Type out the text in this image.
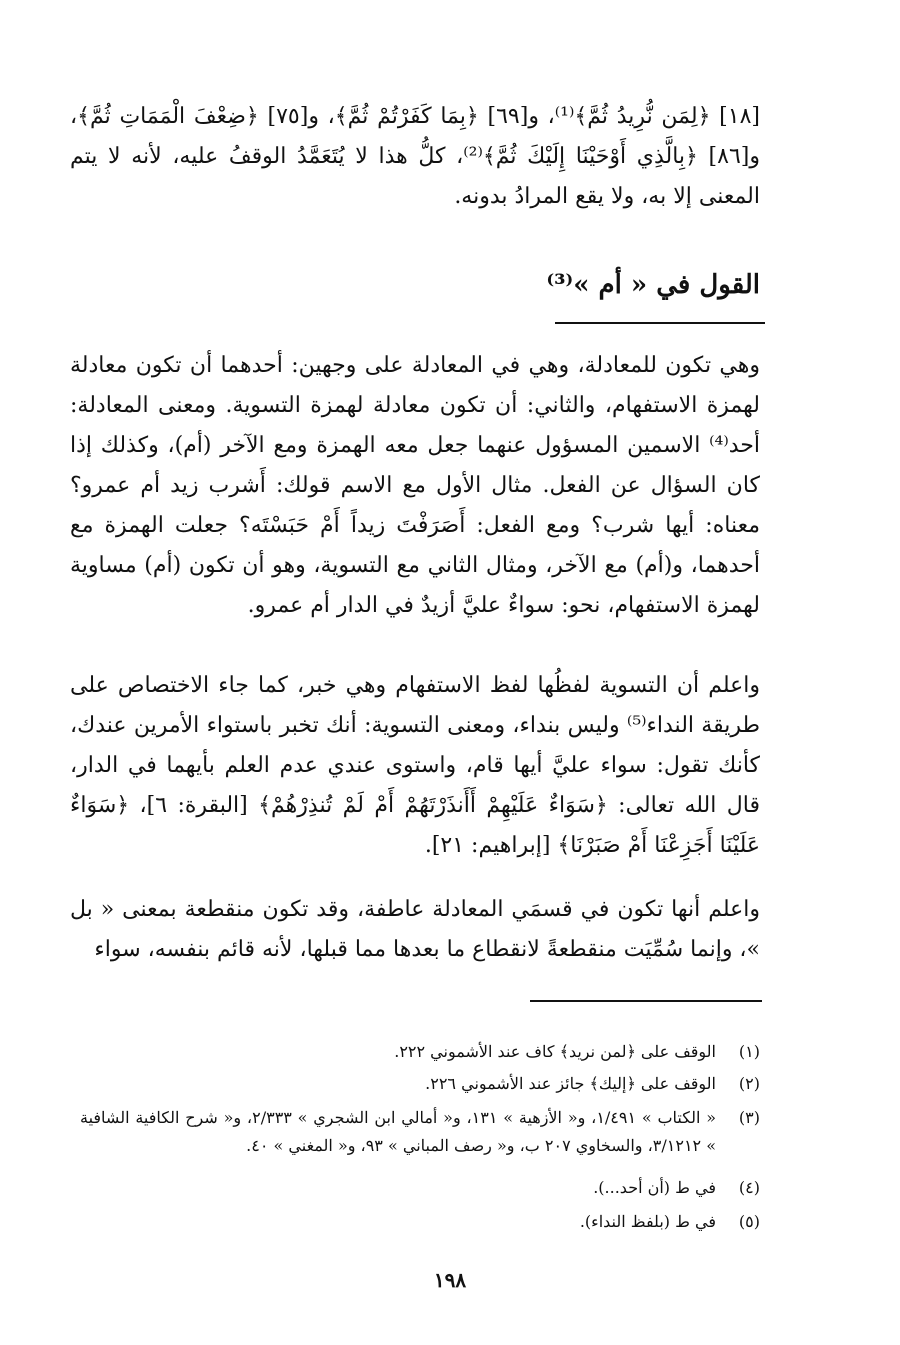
[١٨] ﴿لِمَن نُّرِيدُ ثُمَّ﴾⁽¹⁾، و[٦٩] ﴿بِمَا كَفَرْتُمْ ثُمَّ﴾، و[٧٥] ﴿ضِعْفَ الْمَمَاتِ ثُمَّ﴾، و[٨٦] ﴿بِالَّذِي أَوْحَيْنَا إِلَيْكَ ثُمَّ﴾⁽²⁾، كلُّ هذا لا يُتَعَمَّدُ الوقفُ عليه، لأنه لا يتم المعنى إلا به، ولا يقع المرادُ بدونه.
القول في « أم »⁽³⁾
وهي تكون للمعادلة، وهي في المعادلة على وجهين: أحدهما أن تكون معادلة لهمزة الاستفهام، والثاني: أن تكون معادلة لهمزة التسوية. ومعنى المعادلة: أحد⁽⁴⁾ الاسمين المسؤول عنهما جعل معه الهمزة ومع الآخر (أم)، وكذلك إذا كان السؤال عن الفعل. مثال الأول مع الاسم قولك: أَشرب زيد أم عمرو؟ معناه: أيها شرب؟ ومع الفعل: أَصَرَفْتَ زيداً أَمْ حَبَسْتَه؟ جعلت الهمزة مع أحدهما، و(أم) مع الآخر، ومثال الثاني مع التسوية، وهو أن تكون (أم) مساوية لهمزة الاستفهام، نحو: سواءٌ عليَّ أزيدٌ في الدار أم عمرو.
واعلم أن التسوية لفظُها لفظ الاستفهام وهي خبر، كما جاء الاختصاص على طريقة النداء⁽⁵⁾ وليس بنداء، ومعنى التسوية: أنك تخبر باستواء الأمرين عندك، كأنك تقول: سواء عليَّ أيها قام، واستوى عندي عدم العلم بأيهما في الدار، قال الله تعالى: ﴿سَوَاءٌ عَلَيْهِمْ أَأَنذَرْتَهُمْ أَمْ لَمْ تُنذِرْهُمْ﴾ [البقرة: ٦]، ﴿سَوَاءٌ عَلَيْنَا أَجَزِعْنَا أَمْ صَبَرْنَا﴾ [إبراهيم: ٢١].
واعلم أنها تكون في قسمَي المعادلة عاطفة، وقد تكون منقطعة بمعنى « بل »، وإنما سُمِّيَت منقطعةً لانقطاع ما بعدها مما قبلها، لأنه قائم بنفسه، سواء
(١)
الوقف على ﴿لمن نريد﴾ كاف عند الأشموني ٢٢٢.
(٢)
الوقف على ﴿إليك﴾ جائز عند الأشموني ٢٢٦.
(٣)
« الكتاب » ١/٤٩١، و« الأزهية » ١٣١، و« أمالي ابن الشجري » ٢/٣٣٣، و« شرح الكافية الشافية » ٣/١٢١٢، والسخاوي ٢٠٧ ب، و« رصف المباني » ٩٣، و« المغني » ٤٠.
(٤)
في ط (أن أحد...).
(٥)
في ط (بلفظ النداء).
١٩٨
